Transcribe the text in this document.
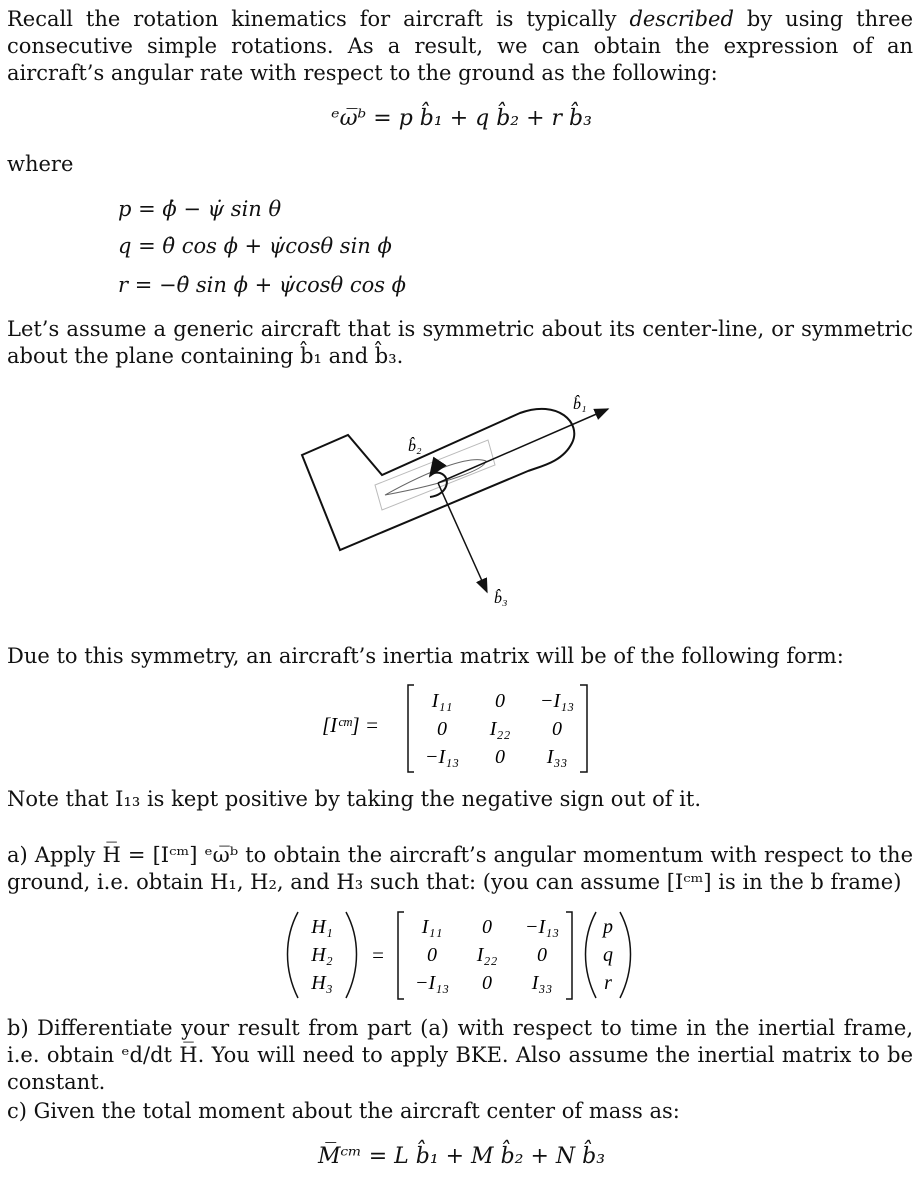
Recall the rotation kinematics for aircraft is typically described by using three consecutive simple rotations. As a result, we can obtain the expression of an aircraft’s angular rate with respect to the ground as the following:
ᵉω̅ᵇ = p b̂₁ + q b̂₂ + r b̂₃
where
p = ϕ̇ − ψ̇ sin θ
q = θ̇ cos ϕ + ψ̇cosθ sin ϕ
r = −θ̇ sin ϕ + ψ̇cosθ cos ϕ
Let’s assume a generic aircraft that is symmetric about its center-line, or symmetric about the plane containing b̂₁ and b̂₃.
b̂₁
b̂₂
b̂₃
Due to this symmetry, an aircraft’s inertia matrix will be of the following form:
[Iᶜᵐ] =
I₁₁ 0 −I₁₃
0 I₂₂ 0
−I₁₃ 0 I₃₃
Note that I₁₃ is kept positive by taking the negative sign out of it.
a) Apply H̅ = [Iᶜᵐ] ᵉω̅ᵇ to obtain the aircraft’s angular momentum with respect to the ground, i.e. obtain H₁, H₂, and H₃ such that: (you can assume [Iᶜᵐ] is in the b frame)
H₁
H₂
H₃
=
I₁₁ 0 −I₁₃
0 I₂₂ 0
−I₁₃ 0 I₃₃
p
q
r
b) Differentiate your result from part (a) with respect to time in the inertial frame, i.e. obtain ᵉd/dt H̅. You will need to apply BKE. Also assume the inertial matrix to be constant.
c) Given the total moment about the aircraft center of mass as:
M̅ᶜᵐ = L b̂₁ + M b̂₂ + N b̂₃
